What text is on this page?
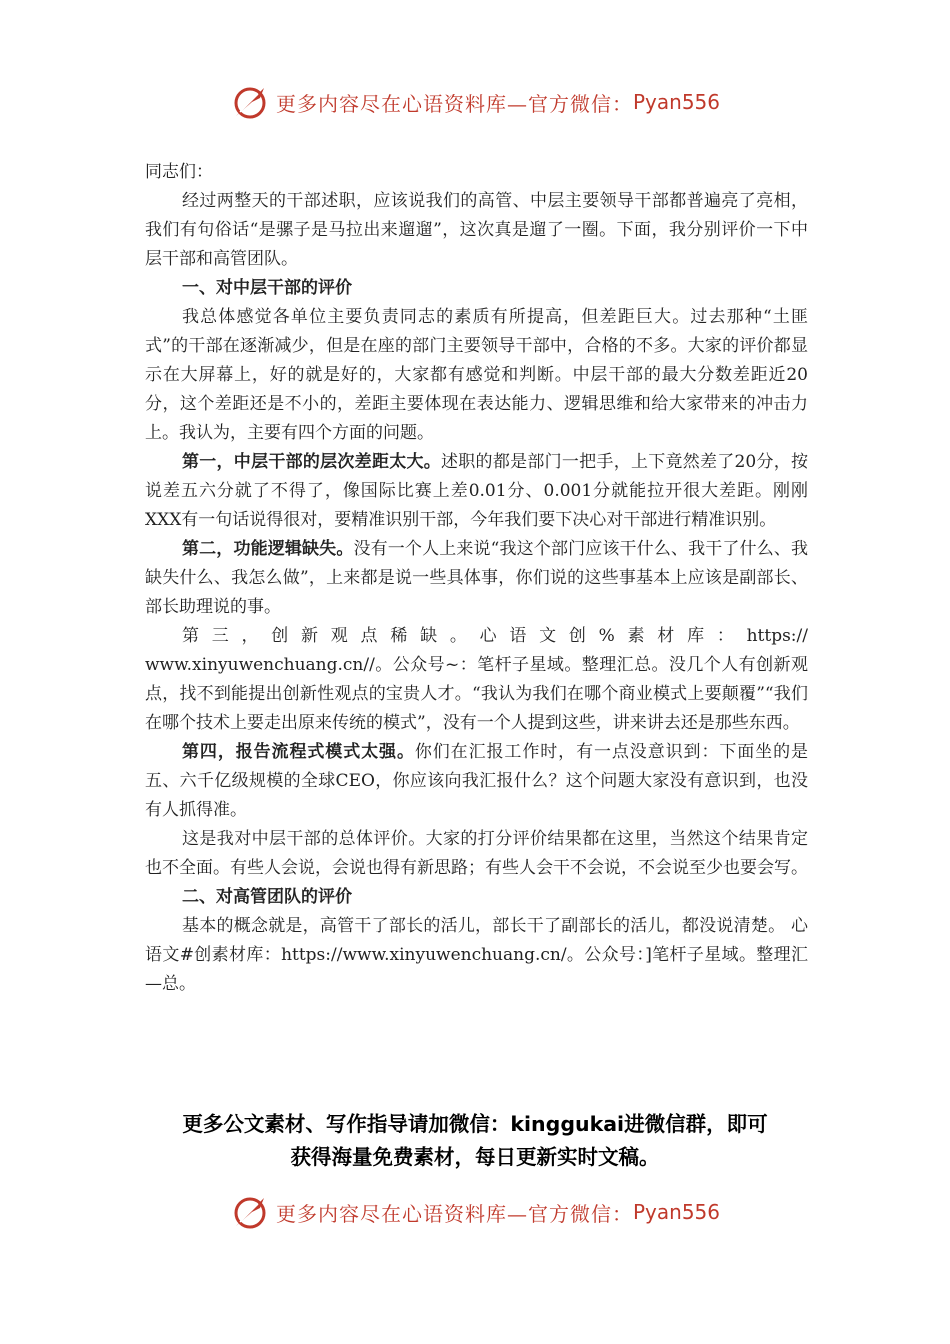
更多内容尽在心语资料库—官方微信： Pyan556

同志们：

经过两整天的干部述职，应该说我们的高管、中层主要领导干部都普遍亮了亮相，我们有句俗话“是骡子是马拉出来遛遛”，这次真是遛了一圈。下面，我分别评价一下中层干部和高管团队。

一、对中层干部的评价

我总体感觉各单位主要负责同志的素质有所提高，但差距巨大。过去那种“土匪式”的干部在逐渐减少，但是在座的部门主要领导干部中，合格的不多。大家的评价都显示在大屏幕上，好的就是好的，大家都有感觉和判断。中层干部的最大分数差距近20分，这个差距还是不小的，差距主要体现在表达能力、逻辑思维和给大家带来的冲击力上。我认为，主要有四个方面的问题。

第一，中层干部的层次差距太大。述职的都是部门一把手，上下竟然差了20分，按说差五六分就了不得了，像国际比赛上差0.01分、0.001分就能拉开很大差距。刚刚XXX有一句话说得很对，要精准识别干部，今年我们要下决心对干部进行精准识别。

第二，功能逻辑缺失。没有一个人上来说“我这个部门应该干什么、我干了什么、我缺失什么、我怎么做”，上来都是说一些具体事，你们说的这些事基本上应该是副部长、部长助理说的事。

第三，创新观点稀缺。心语文创%素材库：https://

www.xinyuwenchuang.cn//。公众号~：笔杆子星域。整理汇总。没几个人有创新观点，找不到能提出创新性观点的宝贵人才。“我认为我们在哪个商业模式上要颠覆”“我们在哪个技术上要走出原来传统的模式”，没有一个人提到这些，讲来讲去还是那些东西。

第四，报告流程式模式太强。你们在汇报工作时，有一点没意识到：下面坐的是五、六千亿级规模的全球CEO，你应该向我汇报什么？这个问题大家没有意识到，也没有人抓得准。

这是我对中层干部的总体评价。大家的打分评价结果都在这里，当然这个结果肯定也不全面。有些人会说，会说也得有新思路；有些人会干不会说，不会说至少也要会写。

二、对高管团队的评价

基本的概念就是，高管干了部长的活儿，部长干了副部长的活儿，都没说清楚。 心语文#创素材库：https://www.xinyuwenchuang.cn/。公众号：]笔杆子星域。整理汇—总。

更多公文素材、写作指导请加微信：kinggukai进微信群，即可
获得海量免费素材，每日更新实时文稿。
更多内容尽在心语资料库—官方微信： Pyan556
